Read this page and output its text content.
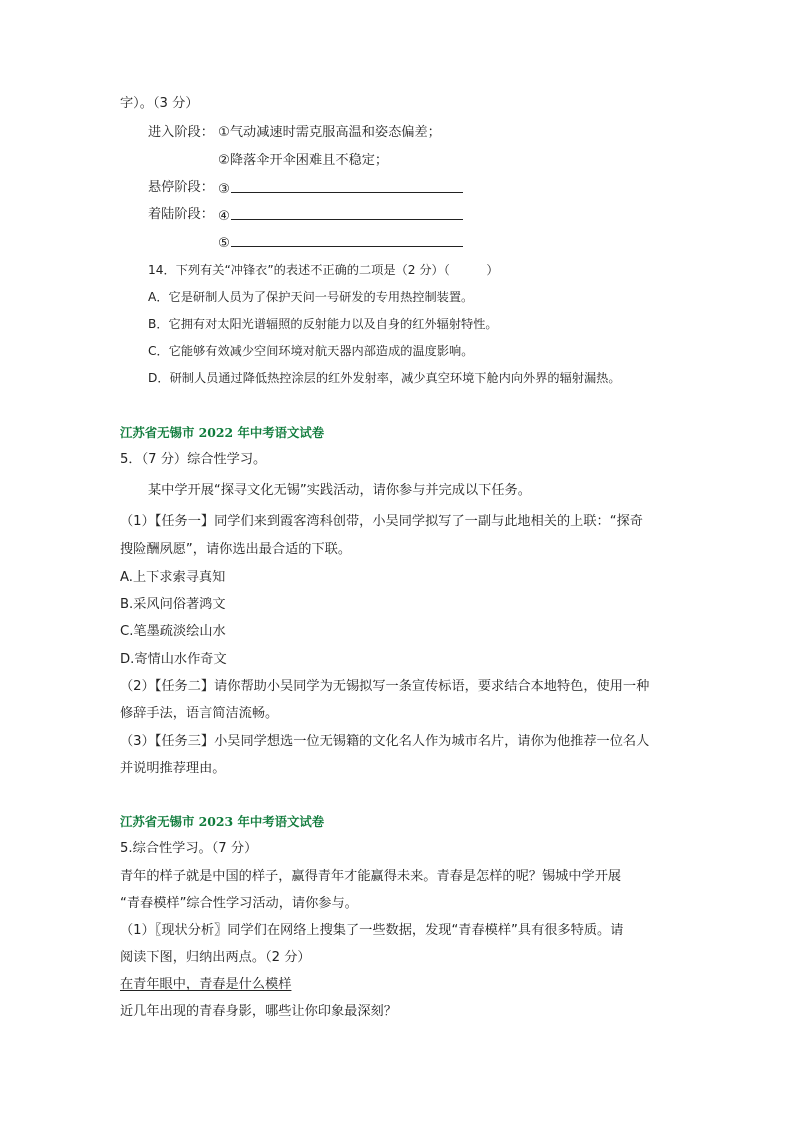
字）。（3 分）
进入阶段： ①气动减速时需克服高温和姿态偏差；
②降落伞开伞困难且不稳定；
悬停阶段： ③
着陆阶段： ④
⑤
14．下列有关“冲锋衣”的表述不正确的二项是（2 分）（　　　）
A．它是研制人员为了保护天问一号研发的专用热控制装置。
B．它拥有对太阳光谱辐照的反射能力以及自身的红外辐射特性。
C．它能够有效减少空间环境对航天器内部造成的温度影响。
D．研制人员通过降低热控涂层的红外发射率，减少真空环境下舱内向外界的辐射漏热。
江苏省无锡市 2022 年中考语文试卷
5．（7 分）综合性学习。
某中学开展“探寻文化无锡”实践活动，请你参与并完成以下任务。
（1）【任务一】同学们来到霞客湾科创带，小吴同学拟写了一副与此地相关的上联：“探奇
搜险酬夙愿”，请你选出最合适的下联。
A.上下求索寻真知
B.采风问俗著鸿文
C.笔墨疏淡绘山水
D.寄情山水作奇文
（2）【任务二】请你帮助小吴同学为无锡拟写一条宣传标语，要求结合本地特色，使用一种
修辞手法，语言简洁流畅。
（3）【任务三】小吴同学想选一位无锡籍的文化名人作为城市名片，请你为他推荐一位名人
并说明推荐理由。
江苏省无锡市 2023 年中考语文试卷
5.综合性学习。（7 分）
青年的样子就是中国的样子，赢得青年才能赢得未来。青春是怎样的呢？锡城中学开展
“青春模样”综合性学习活动，请你参与。
（1）〖现状分析〗同学们在网络上搜集了一些数据，发现“青春模样”具有很多特质。请
阅读下图，归纳出两点。（2 分）
在青年眼中，青春是什么模样
近几年出现的青春身影，哪些让你印象最深刻？
